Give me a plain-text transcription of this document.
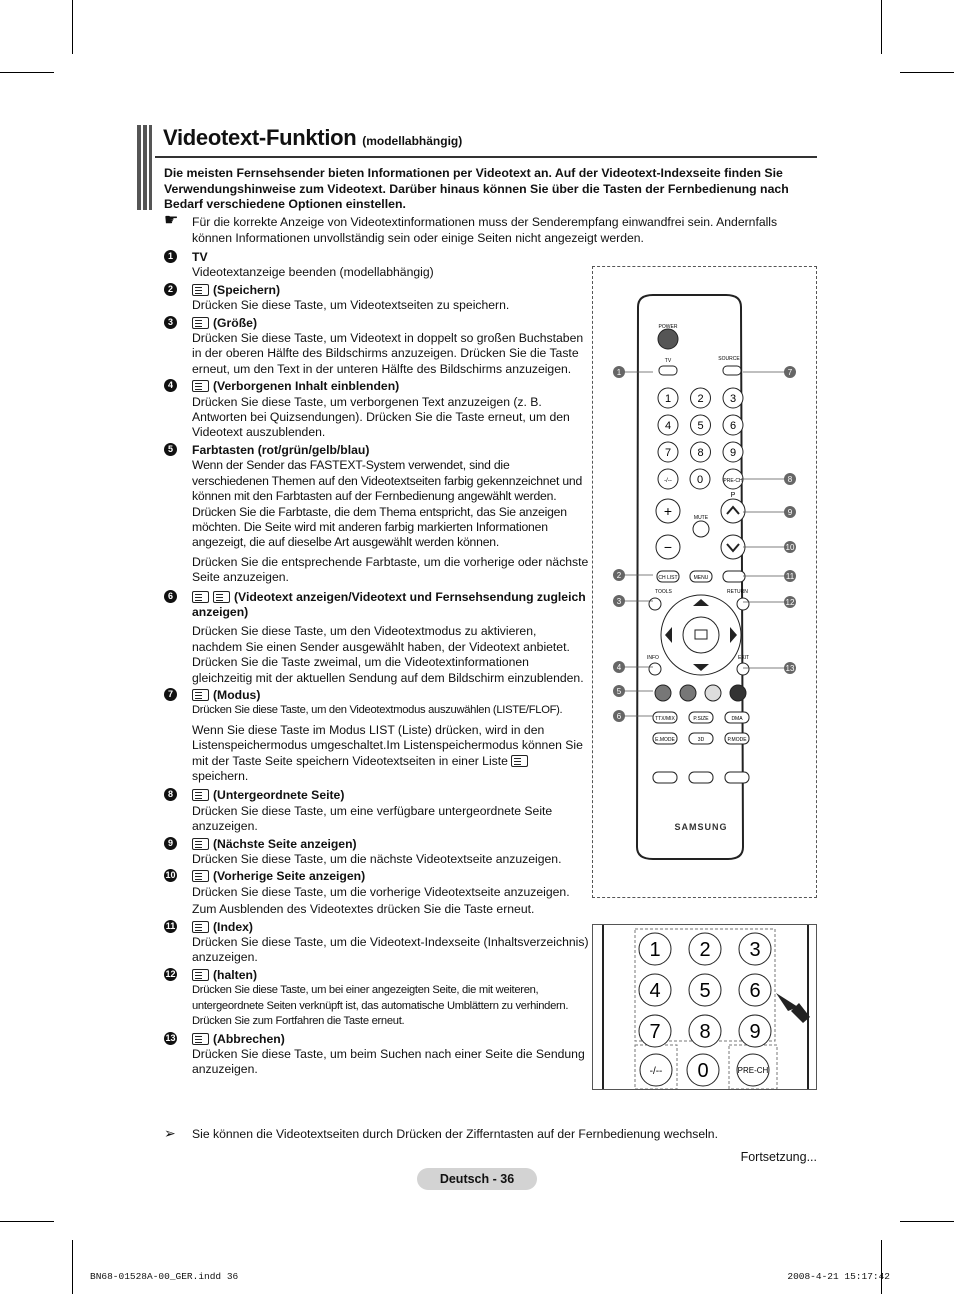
Videotext-Funktion (modellabhängig)
Die meisten Fernsehsender bieten Informationen per Videotext an. Auf der Videotext-Indexseite finden Sie Verwendungshinweise zum Videotext. Darüber hinaus können Sie über die Tasten der Fernbedienung nach Bedarf verschiedene Optionen einstellen.
☛ Für die korrekte Anzeige von Videotextinformationen muss der Senderempfang einwandfrei sein. Andernfalls können Informationen unvollständig sein oder einige Seiten nicht angezeigt werden.
1	TV
Videotextanzeige beenden (modellabhängig)
2	(Speichern)
Drücken Sie diese Taste, um Videotextseiten zu speichern.
3	(Größe)
Drücken Sie diese Taste, um Videotext in doppelt so großen Buchstaben in der oberen Hälfte des Bildschirms anzuzeigen. Drücken Sie die Taste erneut, um den Text in der unteren Hälfte des Bildschirms anzuzeigen.
4	(Verborgenen Inhalt einblenden)
Drücken Sie diese Taste, um verborgenen Text anzuzeigen (z. B. Antworten bei Quizsendungen). Drücken Sie die Taste erneut, um den Videotext auszublenden.
5	Farbtasten (rot/grün/gelb/blau)
Wenn der Sender das FASTEXT-System verwendet, sind die verschiedenen Themen auf den Videotextseiten farbig gekennzeichnet und können mit den Farbtasten auf der Fernbedienung angewählt werden. Drücken Sie die Farbtaste, die dem Thema entspricht, das Sie anzeigen möchten. Die Seite wird mit anderen farbig markierten Informationen angezeigt, die auf dieselbe Art ausgewählt werden können.
Drücken Sie die entsprechende Farbtaste, um die vorherige oder nächste Seite anzuzeigen.
6	(Videotext anzeigen/Videotext und Fernsehsendung zugleich anzeigen)
Drücken Sie diese Taste, um den Videotextmodus zu aktivieren, nachdem Sie einen Sender ausgewählt haben, der Videotext anbietet. Drücken Sie die Taste zweimal, um die Videotextinformationen gleichzeitig mit der aktuellen Sendung auf dem Bildschirm einzublenden.
7	(Modus)
Drücken Sie diese Taste, um den Videotextmodus auszuwählen (LISTE/FLOF).
Wenn Sie diese Taste im Modus LIST (Liste) drücken, wird in den Listenspeichermodus umgeschaltet.Im Listenspeichermodus können Sie mit der Taste Seite speichern Videotextseiten in einer Liste  speichern.
8	(Untergeordnete Seite)
Drücken Sie diese Taste, um eine verfügbare untergeordnete Seite anzuzeigen.
9	(Nächste Seite anzeigen)
Drücken Sie diese Taste, um die nächste Videotextseite anzuzeigen.
10	(Vorherige Seite anzeigen)
Drücken Sie diese Taste, um die vorherige Videotextseite anzuzeigen.
Zum Ausblenden des Videotextes drücken Sie die Taste erneut.
11	(Index)
Drücken Sie diese Taste, um die Videotext-Indexseite (Inhaltsverzeichnis) anzuzeigen.
12	(halten)
Drücken Sie diese Taste, um bei einer angezeigten Seite, die mit weiteren, untergeordnete Seiten verknüpft ist, das automatische Umblättern zu verhindern. Drücken Sie zum Fortfahren die Taste erneut.
13	(Abbrechen)
Drücken Sie diese Taste, um beim Suchen nach einer Seite die Sendung anzuzeigen.
➢ Sie können die Videotextseiten durch Drücken der Zifferntasten auf der Fernbedienung wechseln.
Fortsetzung...
Deutsch - 36
BN68-01528A-00_GER.indd 36	2008-4-21 15:17:42
POWER
TV	SOURCE
1 2 3
4 5 6
7 8 9
-/-- 0	PRE-CH
P
+
−
MUTE
CH LIST	MENU
TOOLS	RETURN
INFO	EXIT
TTX/MIX	P.SIZE	DMA
E.MODE	3D	P.MODE
SAMSUNG
1
2
3
4
5
6
7
8
9
10
11
12
13
1 2 3
4 5 6
7 8 9
-/-- 0	PRE-CH
